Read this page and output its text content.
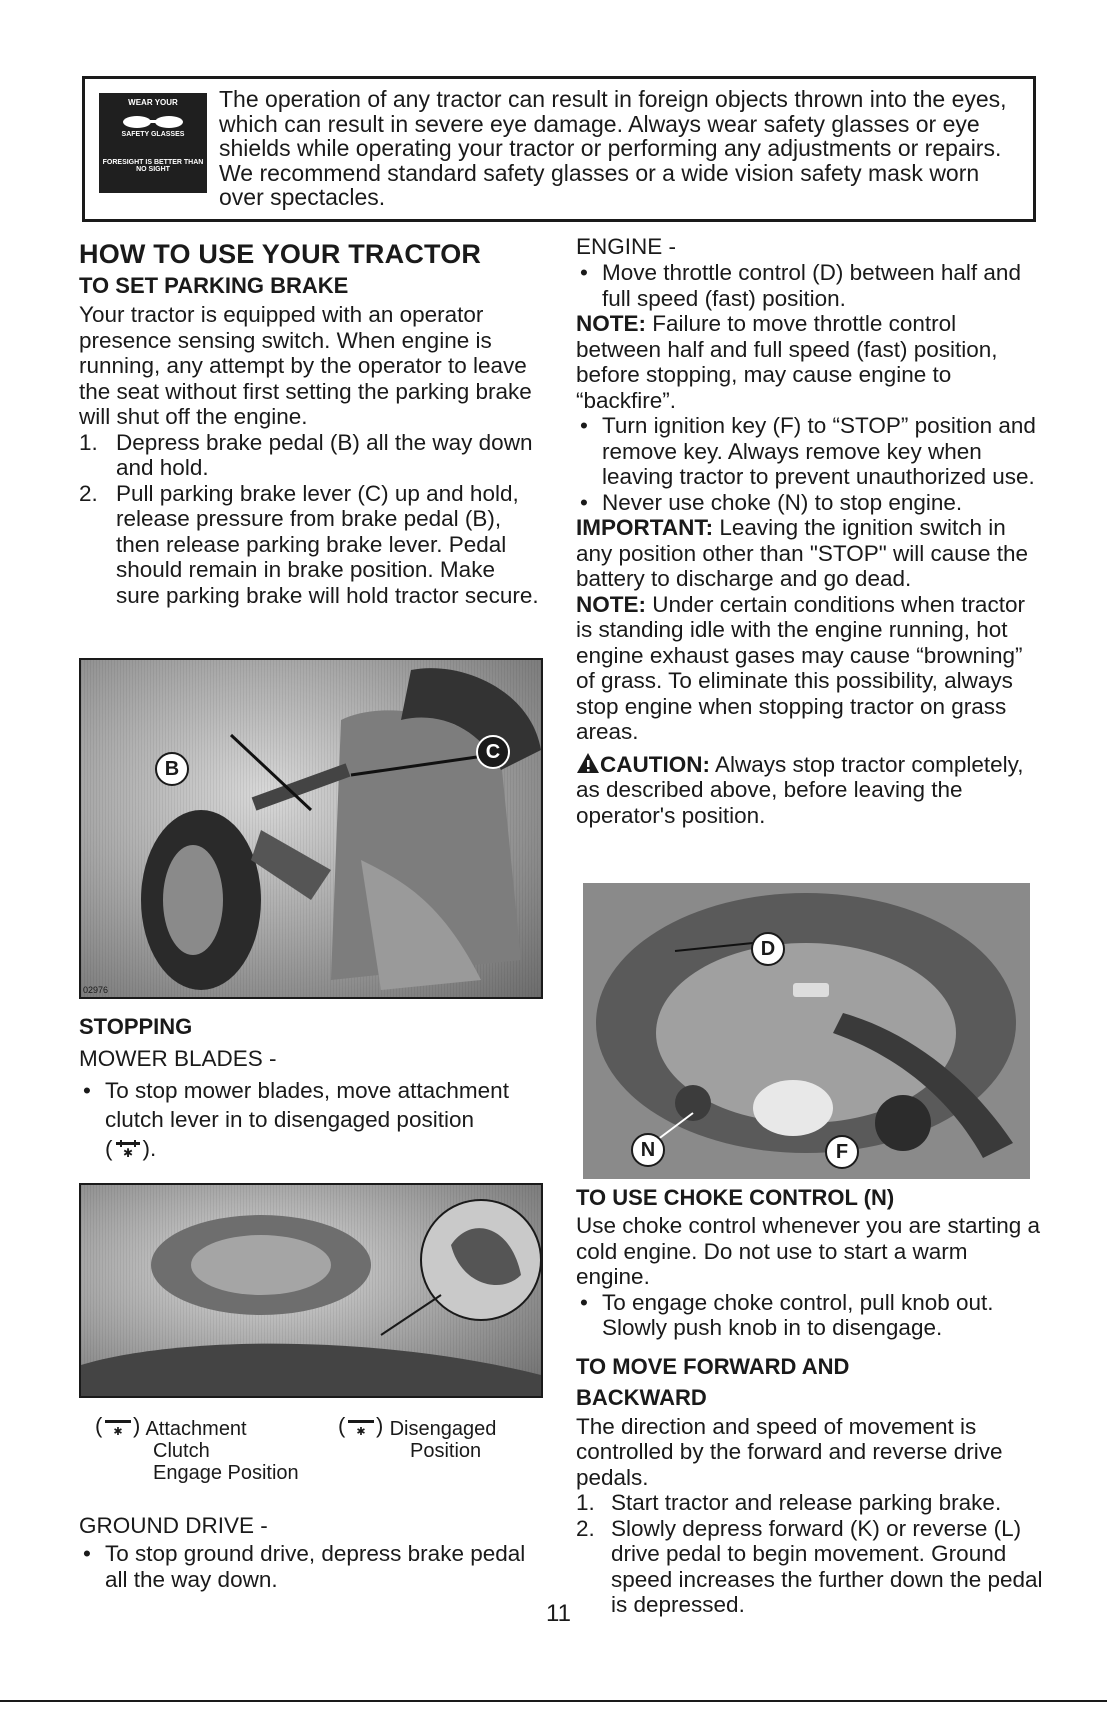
WEAR YOUR
SAFETY GLASSES
FORESIGHT IS BETTER THAN NO SIGHT
The operation of any tractor can result in foreign objects thrown into the eyes, which can result in severe eye damage. Always wear safety glasses or eye shields while operating your tractor or performing any adjustments or repairs. We recommend standard safety glasses or a wide vision safety mask worn over spectacles.
HOW TO USE YOUR TRACTOR
TO SET PARKING BRAKE

Your tractor is equipped with an operator presence sensing switch. When engine is running, any attempt by the operator to leave the seat without first setting the parking brake will shut off the engine.

1. Depress brake pedal (B) all the way down and hold.
2. Pull parking brake lever (C) up and hold, release pressure from brake pedal (B), then release parking brake lever. Pedal should remain in brake position. Make sure parking brake will hold tractor secure.
B
C
02976
STOPPING

MOWER BLADES -

• To stop mower blades, move attachment clutch lever in to disengaged position
( ✱ ).
( ✱ ) Attachment
Clutch
Engage Position
( ✱ ) Disengaged
Position

GROUND DRIVE -

• To stop ground drive, depress brake pedal all the way down.

ENGINE -

• Move throttle control (D) between half and full speed (fast) position.

NOTE: Failure to move throttle control between half and full speed (fast) position, before stopping, may cause engine to “backfire”.

• Turn ignition key (F) to “STOP” position and remove key. Always remove key when leaving tractor to prevent unauthorized use.
• Never use choke (N) to stop engine.

IMPORTANT: Leaving the ignition switch in any position other than "STOP" will cause the battery to discharge and go dead.

NOTE: Under certain conditions when tractor is standing idle with the engine running, hot engine exhaust gases may cause “browning” of grass. To eliminate this possibility, always stop engine when stopping tractor on grass areas.

CAUTION: Always stop tractor completely, as described above, before leaving the operator's position.

D
N	F
TO USE CHOKE CONTROL (N)

Use choke control whenever you are starting a cold engine. Do not use to start a warm engine.

• To engage choke control, pull knob out. Slowly push knob in to disengage.
TO MOVE FORWARD AND
BACKWARD

The direction and speed of movement is controlled by the forward and reverse drive pedals.

1. Start tractor and release parking brake.
2. Slowly depress forward (K) or reverse (L) drive pedal to begin movement. Ground speed increases the further down the pedal is depressed.
11
